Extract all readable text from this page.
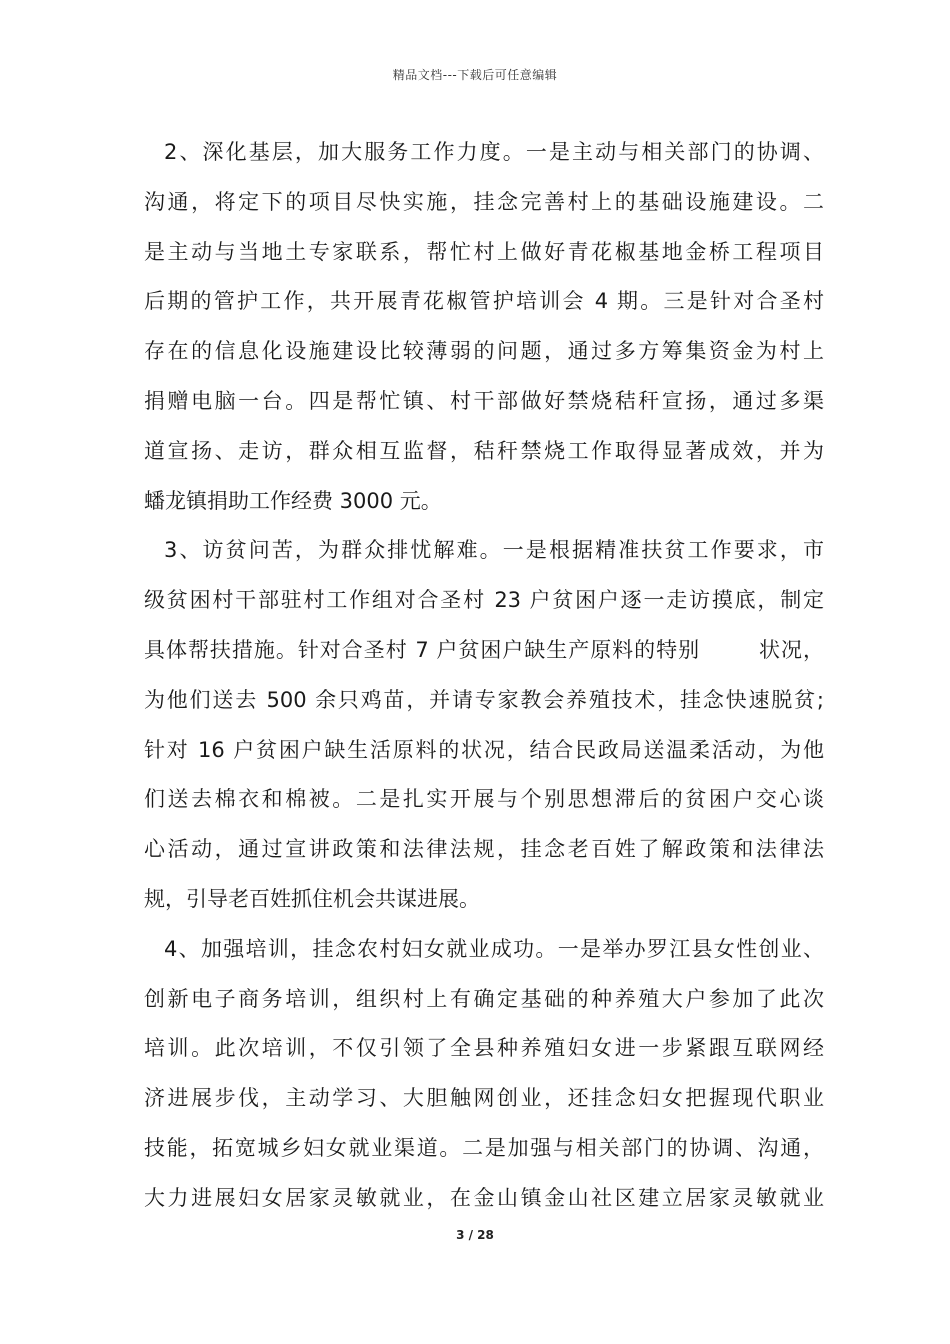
精品文档---下载后可任意编辑
2、深化基层，加大服务工作力度。一是主动与相关部门的协调、
沟通，将定下的项目尽快实施，挂念完善村上的基础设施建设。二
是主动与当地土专家联系，帮忙村上做好青花椒基地金桥工程项目
后期的管护工作，共开展青花椒管护培训会 4 期。三是针对合圣村
存在的信息化设施建设比较薄弱的问题，通过多方筹集资金为村上
捐赠电脑一台。四是帮忙镇、村干部做好禁烧秸秆宣扬，通过多渠
道宣扬、走访，群众相互监督，秸秆禁烧工作取得显著成效，并为
蟠龙镇捐助工作经费 3000 元。
3、访贫问苦，为群众排忧解难。一是根据精准扶贫工作要求，市
级贫困村干部驻村工作组对合圣村 23 户贫困户逐一走访摸底，制定
具体帮扶措施。针对合圣村 7 户贫困户缺生产原料的特别	状况，
为他们送去 500 余只鸡苗，并请专家教会养殖技术，挂念快速脱贫;
针对 16 户贫困户缺生活原料的状况，结合民政局送温柔活动，为他
们送去棉衣和棉被。二是扎实开展与个别思想滞后的贫困户交心谈
心活动，通过宣讲政策和法律法规，挂念老百姓了解政策和法律法
规，引导老百姓抓住机会共谋进展。
4、加强培训，挂念农村妇女就业成功。一是举办罗江县女性创业、
创新电子商务培训，组织村上有确定基础的种养殖大户参加了此次
培训。此次培训，不仅引领了全县种养殖妇女进一步紧跟互联网经
济进展步伐，主动学习、大胆触网创业，还挂念妇女把握现代职业
技能，拓宽城乡妇女就业渠道。二是加强与相关部门的协调、沟通，
大力进展妇女居家灵敏就业，在金山镇金山社区建立居家灵敏就业
3 / 28
